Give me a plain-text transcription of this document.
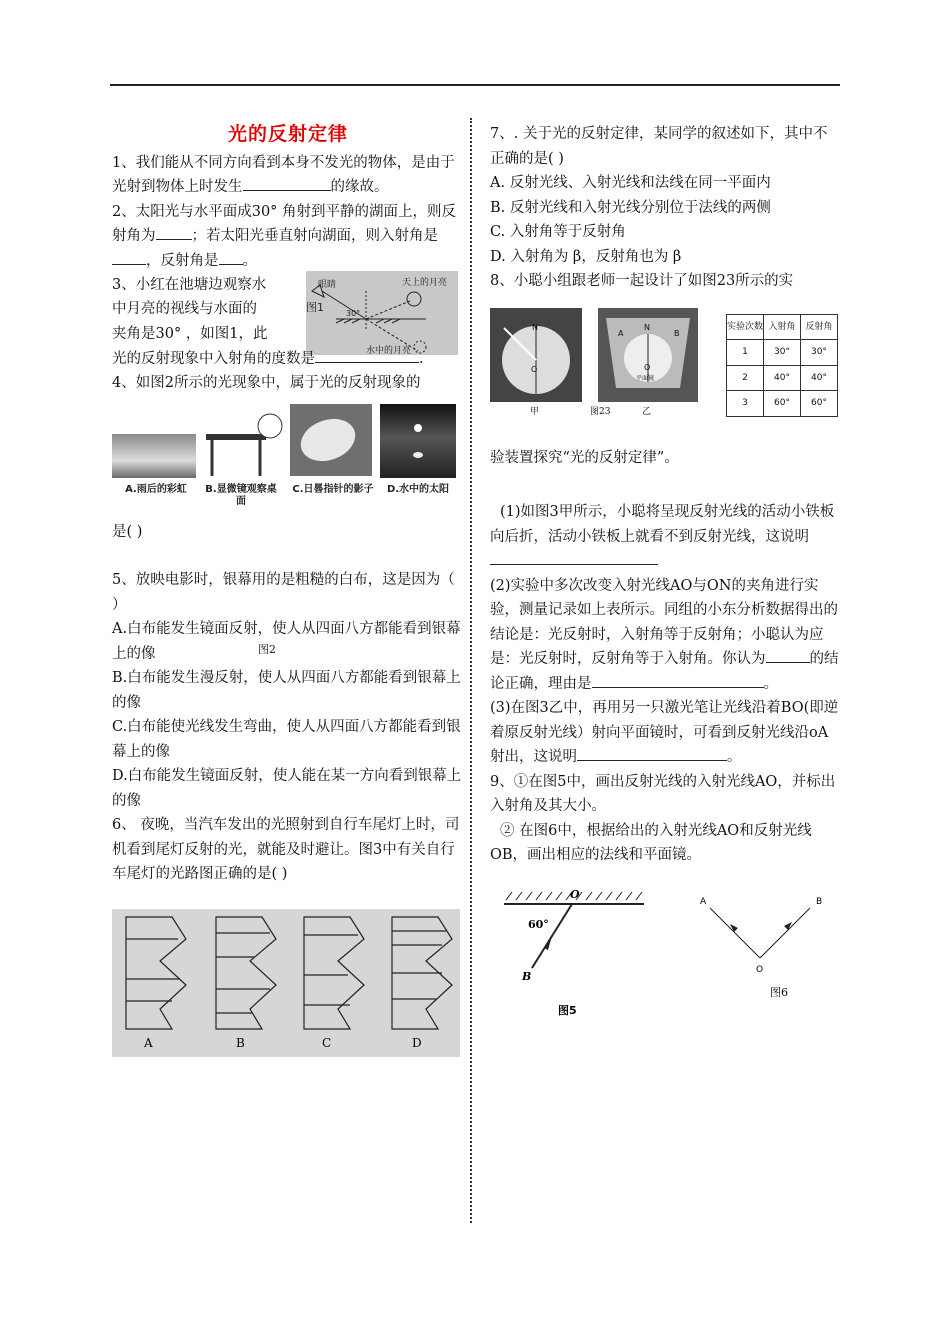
光的反射定律

1、我们能从不同方向看到本身不发光的物体，是由于光射到物体上时发生	的缘故。

2、太阳光与水平面成30° 角射到平静的湖面上，则反射角为 ；若太阳光垂直射向湖面，则入射角是，反射角是 。

3、小红在池塘边观察水

中月亮的视线与水面的

夹角是30° ，如图1，此

眼睛
图1
天上的月亮
30°
水中的月亮

光的反射现象中入射角的度数是	.

4、如图2所示的光现象中，属于光的反射现象的

A.雨后的彩虹	B.显微镜观察桌面
C.日晷指针的影子	D.水中的太阳

是( )

5、放映电影时，银幕用的是粗糙的白布，这是因为（ ）

A.白布能发生镜面反射，使人从四面八方都能看到银幕上的像	图2

B.白布能发生漫反射，使人从四面八方都能看到银幕上的像

C.白布能使光线发生弯曲，使人从四面八方都能看到银幕上的像

D.白布能发生镜面反射，使人能在某一方向看到银幕上的像

6、 夜晚，当汽车发出的光照射到自行车尾灯上时，司机看到尾灯反射的光，就能及时避让。图3中有关自行车尾灯的光路图正确的是( )

A	B	C	D

7、. 关于光的反射定律，某同学的叙述如下，其中不正确的是( )

A. 反射光线、入射光线和法线在同一平面内

B. 反射光线和入射光线分别位于法线的两侧

C. 入射角等于反射角

D. 入射角为 β，反射角也为 β

8、小聪小组跟老师一起设计了如图23所示的实

N
O
N
A	B
O
平面镜
甲	图23	乙
实验次数	入射角	反射角
1	30°	30°
2	40°	40°
3	60°	60°

验装置探究“光的反射定律”。

(1)如图3甲所示，小聪将呈现反射光线的活动小铁板向后折，活动小铁板上就看不到反射光线，这说明

(2)实验中多次改变入射光线AO与ON的夹角进行实验，测量记录如上表所示。同组的小东分析数据得出的结论是：光反射时，入射角等于反射角；小聪认为应是：光反射时，反射角等于入射角。你认为	的结论正确，理由是	。

(3)在图3乙中，再用另一只激光笔让光线沿着BO(即逆着原反射光线）射向平面镜时，可看到反射光线沿oA射出，这说明	。

9、①在图5中，画出反射光线的入射光线AO，并标出入射角及其大小。

② 在图6中，根据给出的入射光线AO和反射光线OB，画出相应的法线和平面镜。

O
60°
B
图5
A	B
O
图6
